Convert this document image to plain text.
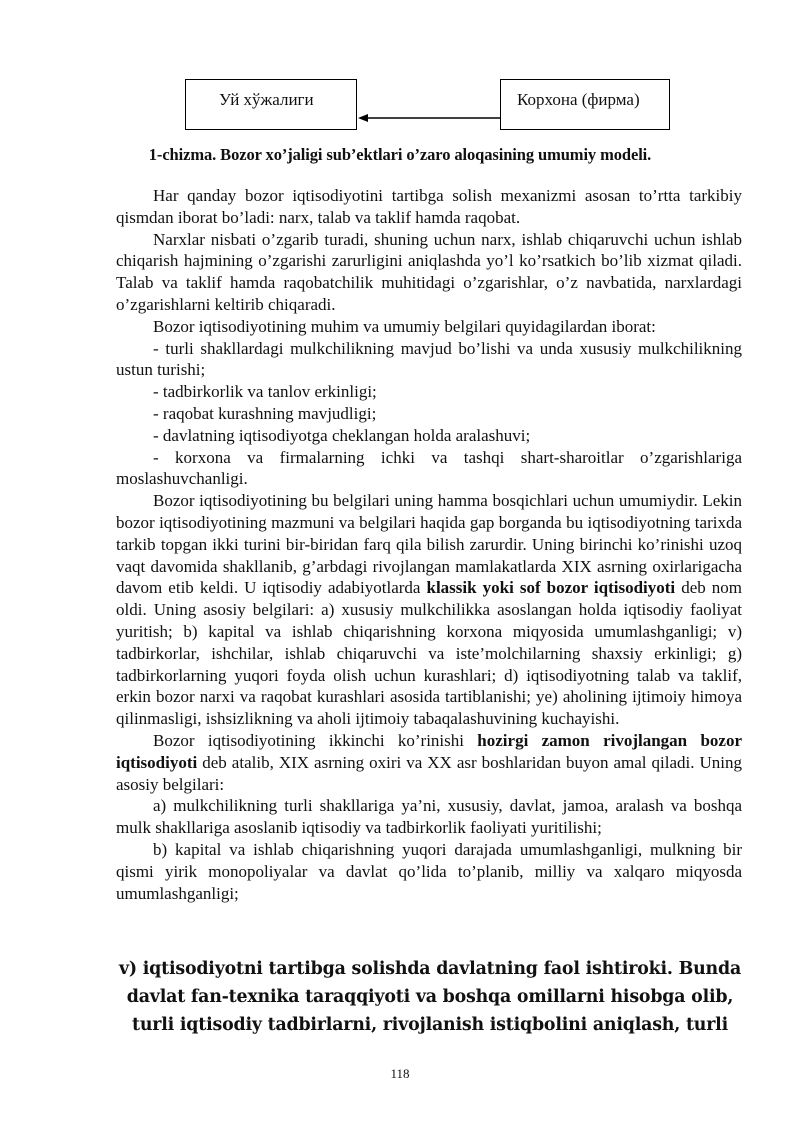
Уй хўжалиги	Корхона (фирма)
1-chizma. Bozor xo’jaligi sub’ektlari o’zaro aloqasining umumiy modeli.

Har qanday bozor iqtisodiyotini tartibga solish mexanizmi asosan to’rtta tarkibiy qismdan iborat bo’ladi: narx, talab va taklif hamda raqobat.

Narxlar nisbati o’zgarib turadi, shuning uchun narx, ishlab chiqaruvchi uchun ishlab chiqarish hajmining o’zgarishi zarurligini aniqlashda yo’l ko’rsatkich bo’lib xizmat qiladi. Talab va taklif hamda raqobatchilik muhitidagi o’zgarishlar, o’z navbatida, narxlardagi o’zgarishlarni keltirib chiqaradi.

Bozor iqtisodiyotining muhim va umumiy belgilari quyidagilardan iborat:

- turli shakllardagi mulkchilikning mavjud bo’lishi va unda xususiy mulkchilikning ustun turishi;

- tadbirkorlik va tanlov erkinligi;

- raqobat kurashning mavjudligi;

- davlatning iqtisodiyotga cheklangan holda aralashuvi;

- korxona va firmalarning ichki va tashqi shart-sharoitlar o’zgarishlariga moslashuvchanligi.

Bozor iqtisodiyotining bu belgilari uning hamma bosqichlari uchun umumiydir. Lekin bozor iqtisodiyotining mazmuni va belgilari haqida gap borganda bu iqtisodiyotning tarixda tarkib topgan ikki turini bir-biridan farq qila bilish zarurdir. Uning birinchi ko’rinishi uzoq vaqt davomida shakllanib, g’arbdagi rivojlangan mamlakatlarda XIX asrning oxirlarigacha davom etib keldi. U iqtisodiy adabiyotlarda klassik yoki sof bozor iqtisodiyoti deb nom oldi. Uning asosiy belgilari: a) xususiy mulkchilikka asoslangan holda iqtisodiy faoliyat yuritish; b) kapital va ishlab chiqarishning korxona miqyosida umumlashganligi; v) tadbirkorlar, ishchilar, ishlab chiqaruvchi va iste’molchilarning shaxsiy erkinligi; g) tadbirkorlarning yuqori foyda olish uchun kurashlari; d) iqtisodiyotning talab va taklif, erkin bozor narxi va raqobat kurashlari asosida tartiblanishi; ye) aholining ijtimoiy himoya qilinmasligi, ishsizlikning va aholi ijtimoiy tabaqalashuvining kuchayishi.

Bozor iqtisodiyotining ikkinchi ko’rinishi hozirgi zamon rivojlangan bozor iqtisodiyoti deb atalib, XIX asrning oxiri va XX asr boshlaridan buyon amal qiladi. Uning asosiy belgilari:

a) mulkchilikning turli shakllariga ya’ni, xususiy, davlat, jamoa, aralash va boshqa mulk shakllariga asoslanib iqtisodiy va tadbirkorlik faoliyati yuritilishi;

b) kapital va ishlab chiqarishning yuqori darajada umumlashganligi, mulkning bir qismi yirik monopoliyalar va davlat qo’lida to’planib, milliy va xalqaro miqyosda umumlashganligi;

v) iqtisodiyotni tartibga solishda davlatning faol ishtiroki. Bunda davlat fan-texnika taraqqiyoti va boshqa omillarni hisobga olib, turli iqtisodiy tadbirlarni, rivojlanish istiqbolini aniqlash, turli
118
